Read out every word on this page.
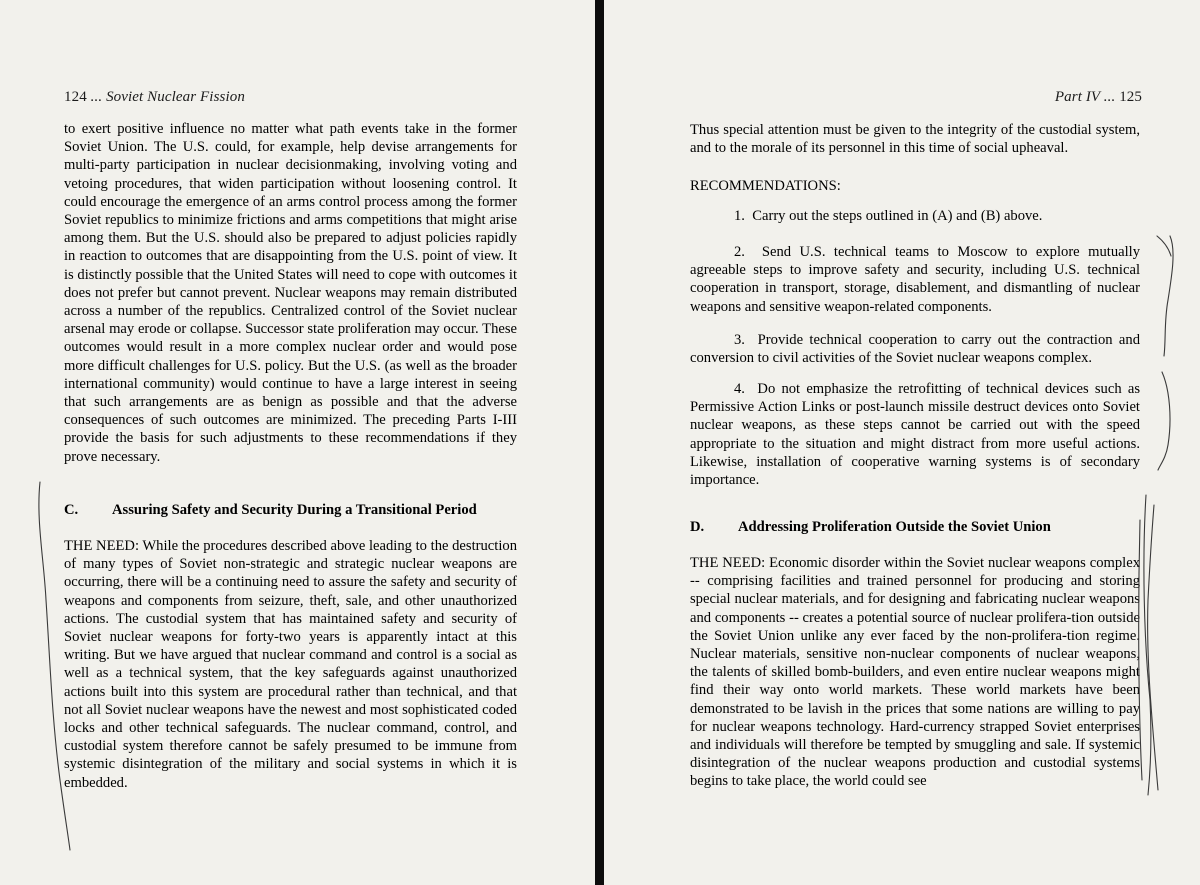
124 ... Soviet Nuclear Fission	Part IV ... 125

to exert positive influence no matter what path events take in the former Soviet Union. The U.S. could, for example, help devise arrangements for multi-party participation in nuclear decisionmaking, involving voting and vetoing procedures, that widen participation without loosening control. It could encourage the emergence of an arms control process among the former Soviet republics to minimize frictions and arms competitions that might arise among them. But the U.S. should also be prepared to adjust policies rapidly in reaction to outcomes that are disappointing from the U.S. point of view. It is distinctly possible that the United States will need to cope with outcomes it does not prefer but cannot prevent. Nuclear weapons may remain distributed across a number of the republics. Centralized control of the Soviet nuclear arsenal may erode or collapse. Successor state proliferation may occur. These outcomes would result in a more complex nuclear order and would pose more difficult challenges for U.S. policy. But the U.S. (as well as the broader international community) would continue to have a large interest in seeing that such arrangements are as benign as possible and that the adverse consequences of such outcomes are minimized. The preceding Parts I-III provide the basis for such adjustments to these recommendations if they prove necessary.

C. Assuring Safety and Security During a Transitional Period

THE NEED: While the procedures described above leading to the destruction of many types of Soviet non-strategic and strategic nuclear weapons are occurring, there will be a continuing need to assure the safety and security of weapons and components from seizure, theft, sale, and other unauthorized actions. The custodial system that has maintained safety and security of Soviet nuclear weapons for forty-two years is apparently intact at this writing. But we have argued that nuclear command and control is a social as well as a technical system, that the key safeguards against unauthorized actions built into this system are procedural rather than technical, and that not all Soviet nuclear weapons have the newest and most sophisticated coded locks and other technical safeguards. The nuclear command, control, and custodial system therefore cannot be safely presumed to be immune from systemic disintegration of the military and social systems in which it is embedded.

Thus special attention must be given to the integrity of the custodial system, and to the morale of its personnel in this time of social upheaval.

RECOMMENDATIONS:
1. Carry out the steps outlined in (A) and (B) above.
2. Send U.S. technical teams to Moscow to explore mutually agreeable steps to improve safety and security, including U.S. technical cooperation in transport, storage, disablement, and dismantling of nuclear weapons and sensitive weapon-related components.
3. Provide technical cooperation to carry out the contraction and conversion to civil activities of the Soviet nuclear weapons complex.
4. Do not emphasize the retrofitting of technical devices such as Permissive Action Links or post-launch missile destruct devices onto Soviet nuclear weapons, as these steps cannot be carried out with the speed appropriate to the situation and might distract from more useful actions. Likewise, installation of cooperative warning systems is of secondary importance.
D. Addressing Proliferation Outside the Soviet Union

THE NEED: Economic disorder within the Soviet nuclear weapons complex -- comprising facilities and trained personnel for producing and storing special nuclear materials, and for designing and fabricating nuclear weapons and components -- creates a potential source of nuclear prolifera-tion outside the Soviet Union unlike any ever faced by the non-prolifera-tion regime. Nuclear materials, sensitive non-nuclear components of nuclear weapons, the talents of skilled bomb-builders, and even entire nuclear weapons might find their way onto world markets. These world markets have been demonstrated to be lavish in the prices that some nations are willing to pay for nuclear weapons technology. Hard-currency strapped Soviet enterprises and individuals will therefore be tempted by smuggling and sale. If systemic disintegration of the nuclear weapons production and custodial systems begins to take place, the world could see
